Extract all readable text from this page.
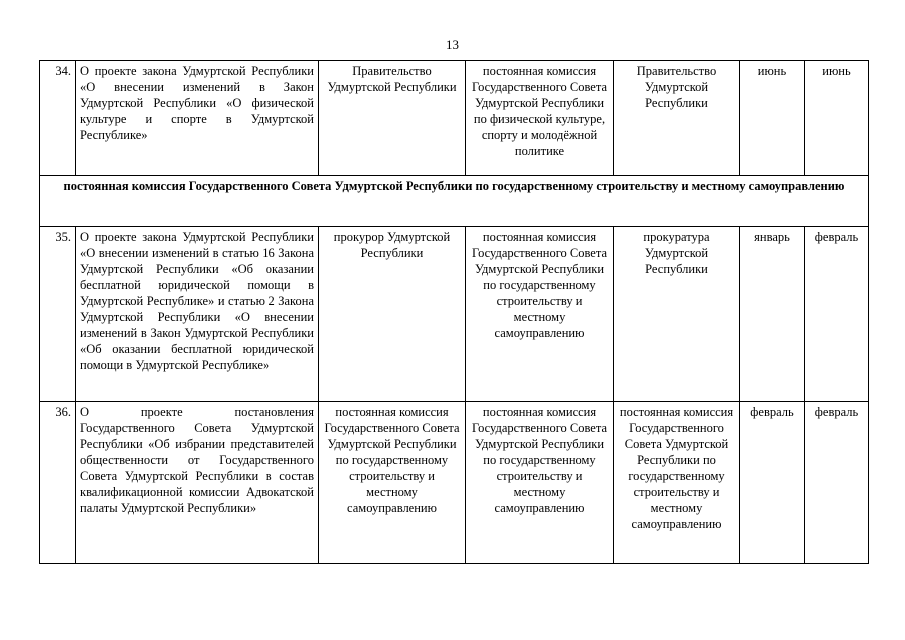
13
34.	О проекте закона Удмуртской Республики «О внесении изменений в Закон Удмуртской Республики «О физической культуре и спорте в Удмуртской Республике»	Правительство Удмуртской Республики	постоянная комиссия Государственного Совета Удмуртской Республики по физической культуре, спорту и молодёжной политике	Правительство Удмуртской Республики	июнь	июнь
постоянная комиссия Государственного Совета Удмуртской Республики по государственному строительству и местному самоуправлению						
35.	О проекте закона Удмуртской Республики «О внесении изменений в статью 16 Закона Удмуртской Республики «Об оказании бесплатной юридической помощи в Удмуртской Республике» и статью 2 Закона Удмуртской Республики «О внесении изменений в Закон Удмуртской Республики «Об оказании бесплатной юридической помощи в Удмуртской Республике»	прокурор Удмуртской Республики	постоянная комиссия Государственного Совета Удмуртской Республики по государственному строительству и местному самоуправлению	прокуратура Удмуртской Республики	январь	февраль
36.	О проекте постановления Государственного Совета Удмуртской Республики «Об избрании представителей общественности от Государственного Совета Удмуртской Республики в состав квалификационной комиссии Адвокатской палаты Удмуртской Республики»	постоянная комиссия Государственного Совета Удмуртской Республики по государственному строительству и местному самоуправлению	постоянная комиссия Государственного Совета Удмуртской Республики по государственному строительству и местному самоуправлению	постоянная комиссия Государственного Совета Удмуртской Республики по государственному строительству и местному самоуправлению	февраль	февраль
